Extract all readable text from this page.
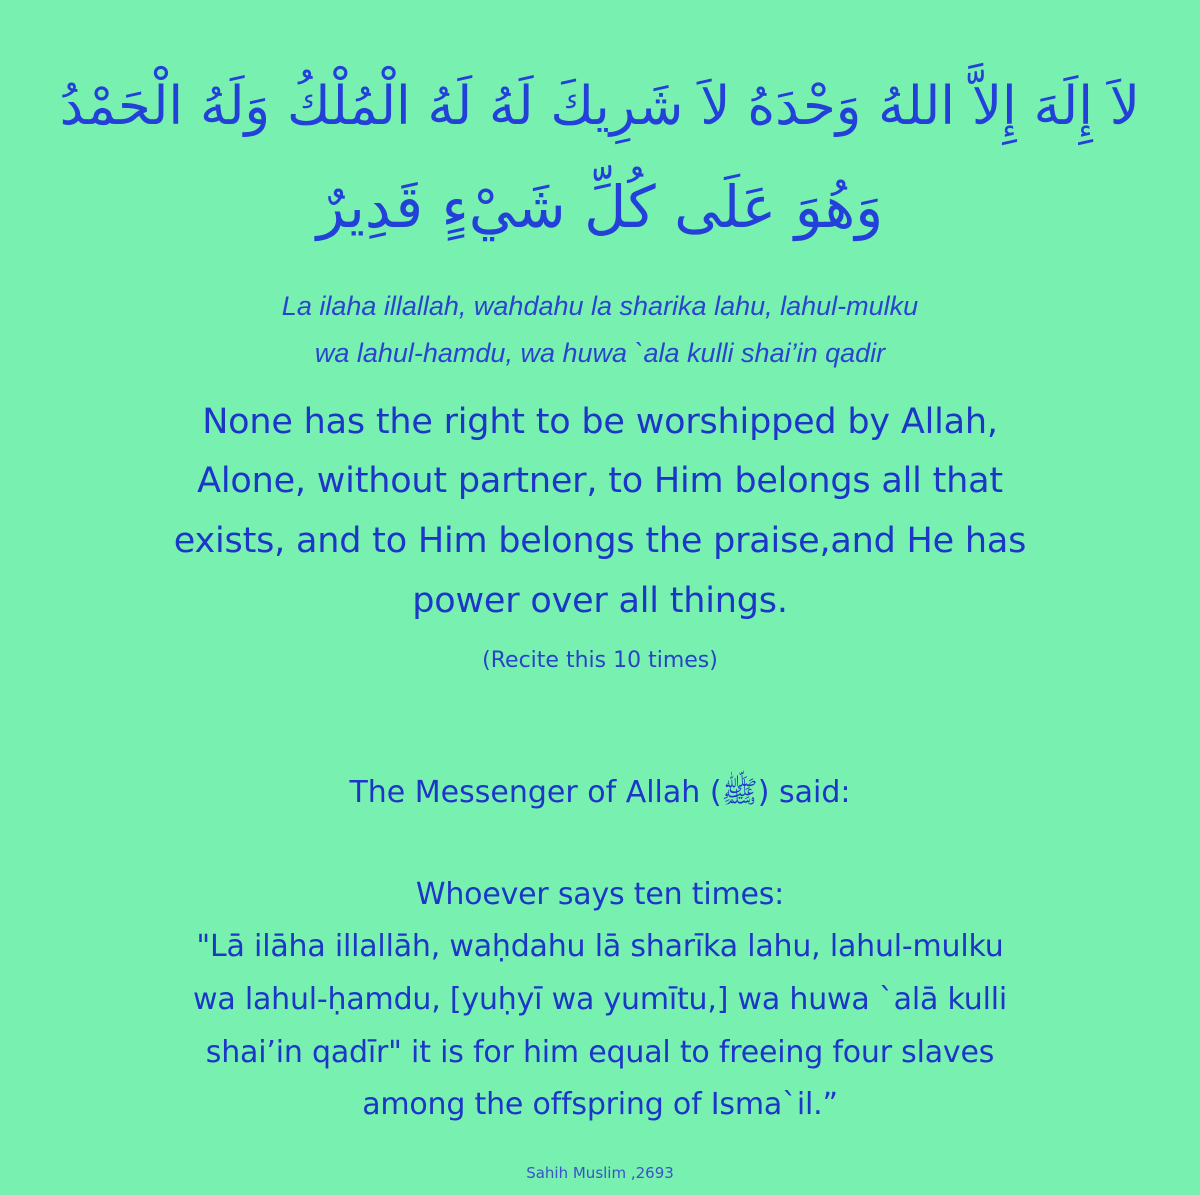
لاَ إِلَهَ إِلاَّ اللهُ وَحْدَهُ لاَ شَرِيكَ لَهُ لَهُ الْمُلْكُ وَلَهُ الْحَمْدُ
وَهُوَ عَلَى كُلِّ شَيْءٍ قَدِيرٌ
La ilaha illallah, wahdahu la sharika lahu, lahul-mulku
wa lahul-hamdu, wa huwa `ala kulli shai’in qadir
None has the right to be worshipped by Allah,
Alone, without partner, to Him belongs all that
exists, and to Him belongs the praise,and He has
power over all things.
(Recite this 10 times)
The Messenger of Allah (ﷺ) said:
Whoever says ten times:
"Lā ilāha illallāh, waḥdahu lā sharīka lahu, lahul-mulku
wa lahul-ḥamdu, [yuḥyī wa yumītu,] wa huwa `alā kulli
shai’in qadīr" it is for him equal to freeing four slaves
among the offspring of Isma`il.”
Sahih Muslim ,2693
